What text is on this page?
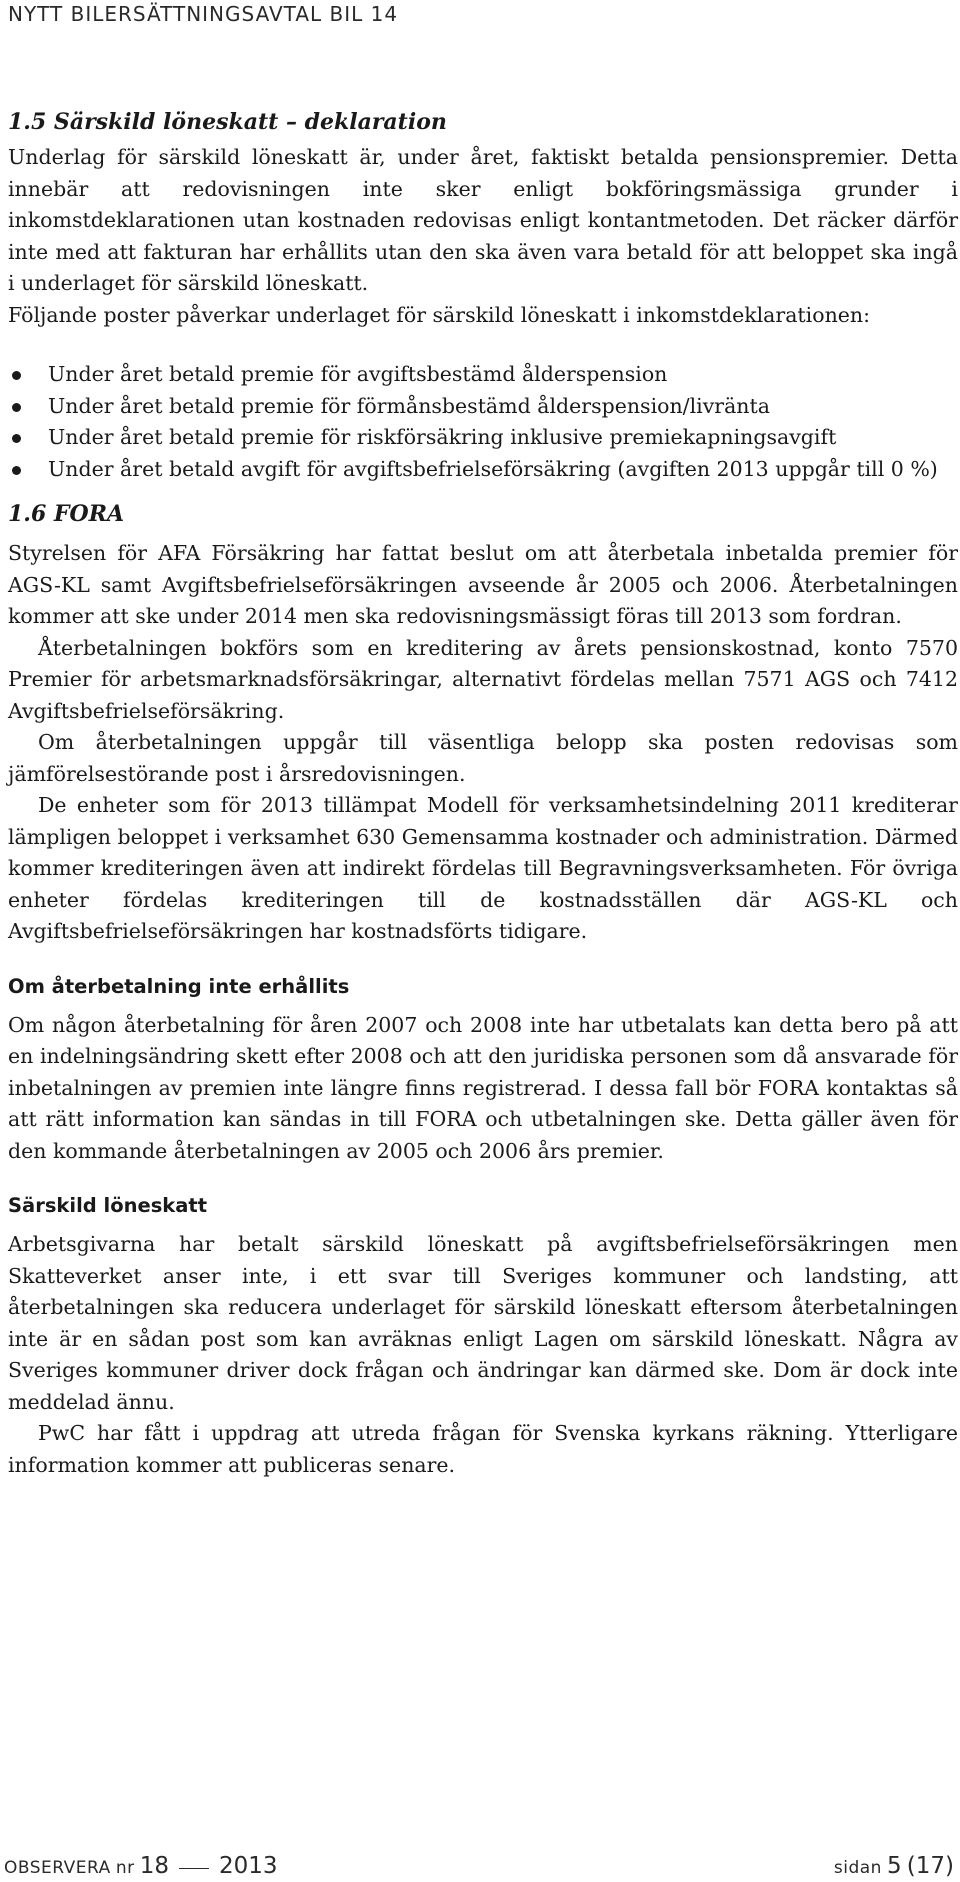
NYTT BILERSÄTTNINGSAVTAL BIL 14
1.5 Särskild löneskatt – deklaration

Underlag för särskild löneskatt är, under året, faktiskt betalda pensionspremier. Detta innebär att redovisningen inte sker enligt bokföringsmässiga grunder i inkomstdeklarationen utan kostnaden redovisas enligt kontantmetoden. Det räcker därför inte med att fakturan har erhållits utan den ska även vara betald för att beloppet ska ingå i underlaget för särskild löneskatt.

Följande poster påverkar underlaget för särskild löneskatt i inkomstdeklarationen:

Under året betald premie för avgiftsbestämd ålderspension
Under året betald premie för förmånsbestämd ålderspension/livränta
Under året betald premie för riskförsäkring inklusive premiekapningsavgift
Under året betald avgift för avgiftsbefrielseförsäkring (avgiften 2013 uppgår till 0 %)
1.6 FORA

Styrelsen för AFA Försäkring har fattat beslut om att återbetala inbetalda premier för AGS-KL samt Avgiftsbefrielseförsäkringen avseende år 2005 och 2006. Återbetalningen kommer att ske under 2014 men ska redovisningsmässigt föras till 2013 som fordran.

Återbetalningen bokförs som en kreditering av årets pensionskostnad, konto 7570 Premier för arbetsmarknadsförsäkringar, alternativt fördelas mellan 7571 AGS och 7412 Avgiftsbefrielseförsäkring.

Om återbetalningen uppgår till väsentliga belopp ska posten redovisas som jämförelsestörande post i årsredovisningen.

De enheter som för 2013 tillämpat Modell för verksamhetsindelning 2011 krediterar lämpligen beloppet i verksamhet 630 Gemensamma kostnader och administration. Därmed kommer krediteringen även att indirekt fördelas till Begravningsverksamheten. För övriga enheter fördelas krediteringen till de kostnadsställen där AGS-KL och Avgiftsbefrielseförsäkringen har kostnadsförts tidigare.

Om återbetalning inte erhållits

Om någon återbetalning för åren 2007 och 2008 inte har utbetalats kan detta bero på att en indelningsändring skett efter 2008 och att den juridiska personen som då ansvarade för inbetalningen av premien inte längre finns registrerad. I dessa fall bör FORA kontaktas så att rätt information kan sändas in till FORA och utbetalningen ske. Detta gäller även för den kommande återbetalningen av 2005 och 2006 års premier.

Särskild löneskatt

Arbetsgivarna har betalt särskild löneskatt på avgiftsbefrielseförsäkringen men Skatteverket anser inte, i ett svar till Sveriges kommuner och landsting, att återbetalningen ska reducera underlaget för särskild löneskatt eftersom återbetalningen inte är en sådan post som kan avräknas enligt Lagen om särskild löneskatt. Några av Sveriges kommuner driver dock frågan och ändringar kan därmed ske. Dom är dock inte meddelad ännu.

PwC har fått i uppdrag att utreda frågan för Svenska kyrkans räkning. Ytterligare information kommer att publiceras senare.

OBSERVERA nr 18 2013	sidan 5 (17)
